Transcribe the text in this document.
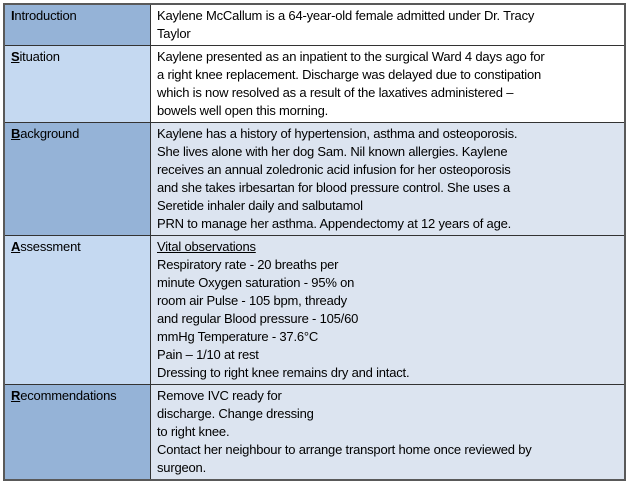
Introduction	Kaylene McCallum is a 64-year-old female admitted under Dr. Tracy
Taylor

Situation	Kaylene presented as an inpatient to the surgical Ward 4 days ago for
a right knee replacement. Discharge was delayed due to constipation
which is now resolved as a result of the laxatives administered –
bowels well open this morning.

Background	Kaylene has a history of hypertension, asthma and osteoporosis.
She lives alone with her dog Sam. Nil known allergies. Kaylene
receives an annual zoledronic acid infusion for her osteoporosis
and she takes irbesartan for blood pressure control. She uses a
Seretide inhaler daily and salbutamol
PRN to manage her asthma. Appendectomy at 12 years of age.

Assessment	Vital observations
Respiratory rate - 20 breaths per
minute Oxygen saturation - 95% on
room air Pulse - 105 bpm, thready
and regular Blood pressure - 105/60
mmHg Temperature - 37.6°C
Pain – 1/10 at rest
Dressing to right knee remains dry and intact.

Recommendations	Remove IVC ready for
discharge. Change dressing
to right knee.
Contact her neighbour to arrange transport home once reviewed by
surgeon.
